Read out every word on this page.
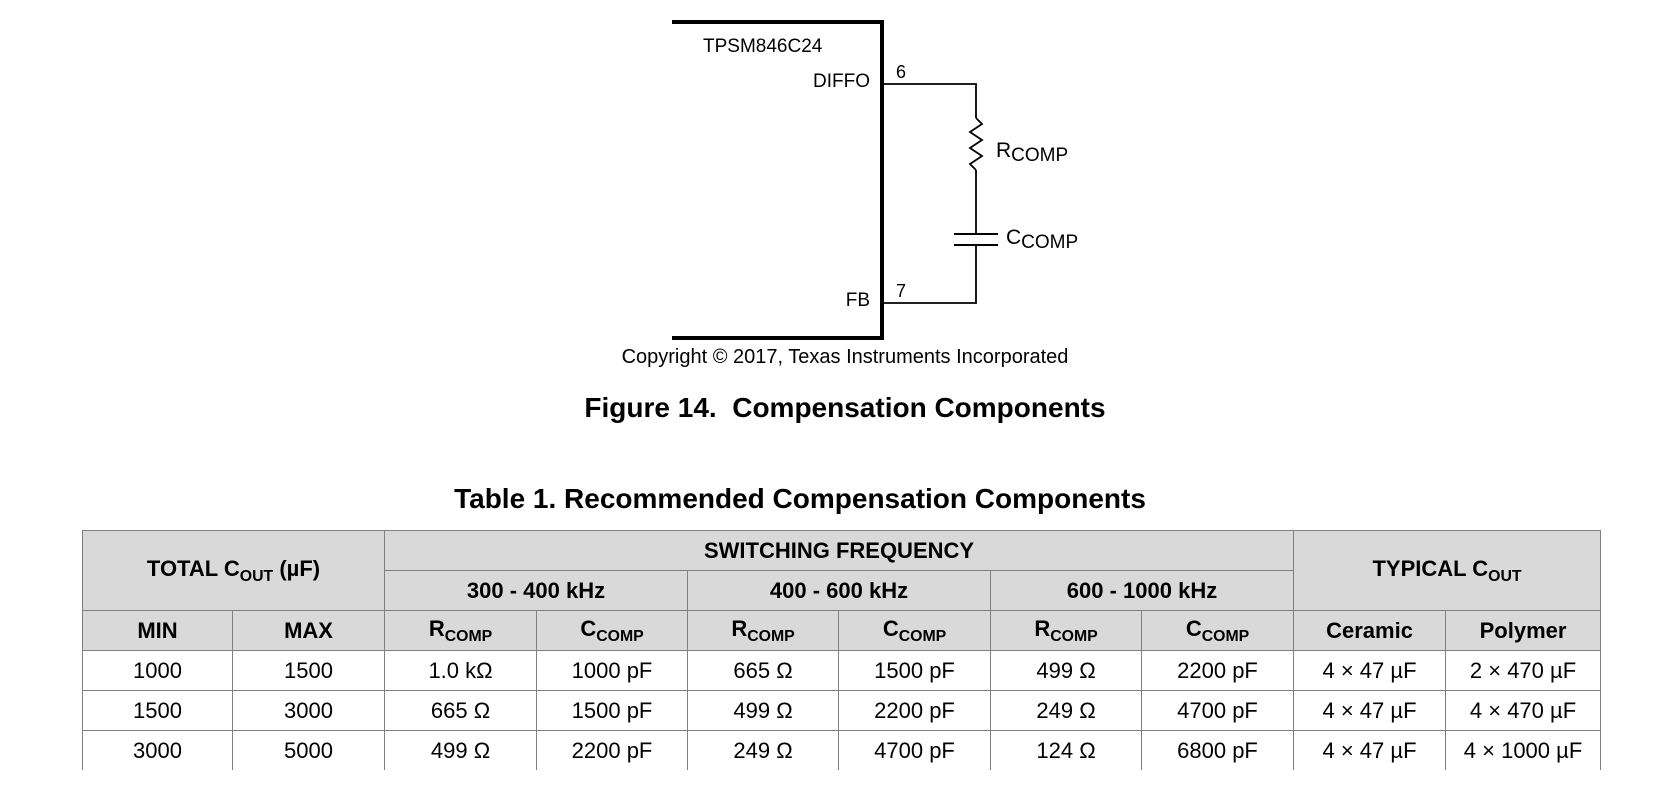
TPSM846C24
DIFFO 6
FB 7
RCOMP
CCOMP
Copyright © 2017, Texas Instruments Incorporated
Figure 14.  Compensation Components
Table 1. Recommended Compensation Components
TOTAL $C_{OUT}$ (µF)		SWITCHING FREQUENCY						TYPICAL $C_{OUT}$
		300 - 400 kHz		400 - 600 kHz		600 - 1000 kHz			
MIN	MAX	$R_{COMP}$	$C_{COMP}$	$R_{COMP}$	$C_{COMP}$	$R_{COMP}$	$C_{COMP}$	Ceramic	Polymer
1000	1500	1.0 kΩ	1000 pF	665 Ω	1500 pF	499 Ω	2200 pF	4 × 47 µF	2 × 470 µF
1500	3000	665 Ω	1500 pF	499 Ω	2200 pF	249 Ω	4700 pF	4 × 47 µF	4 × 470 µF
3000	5000	499 Ω	2200 pF	249 Ω	4700 pF	124 Ω	6800 pF	4 × 47 µF	4 × 1000 µF
